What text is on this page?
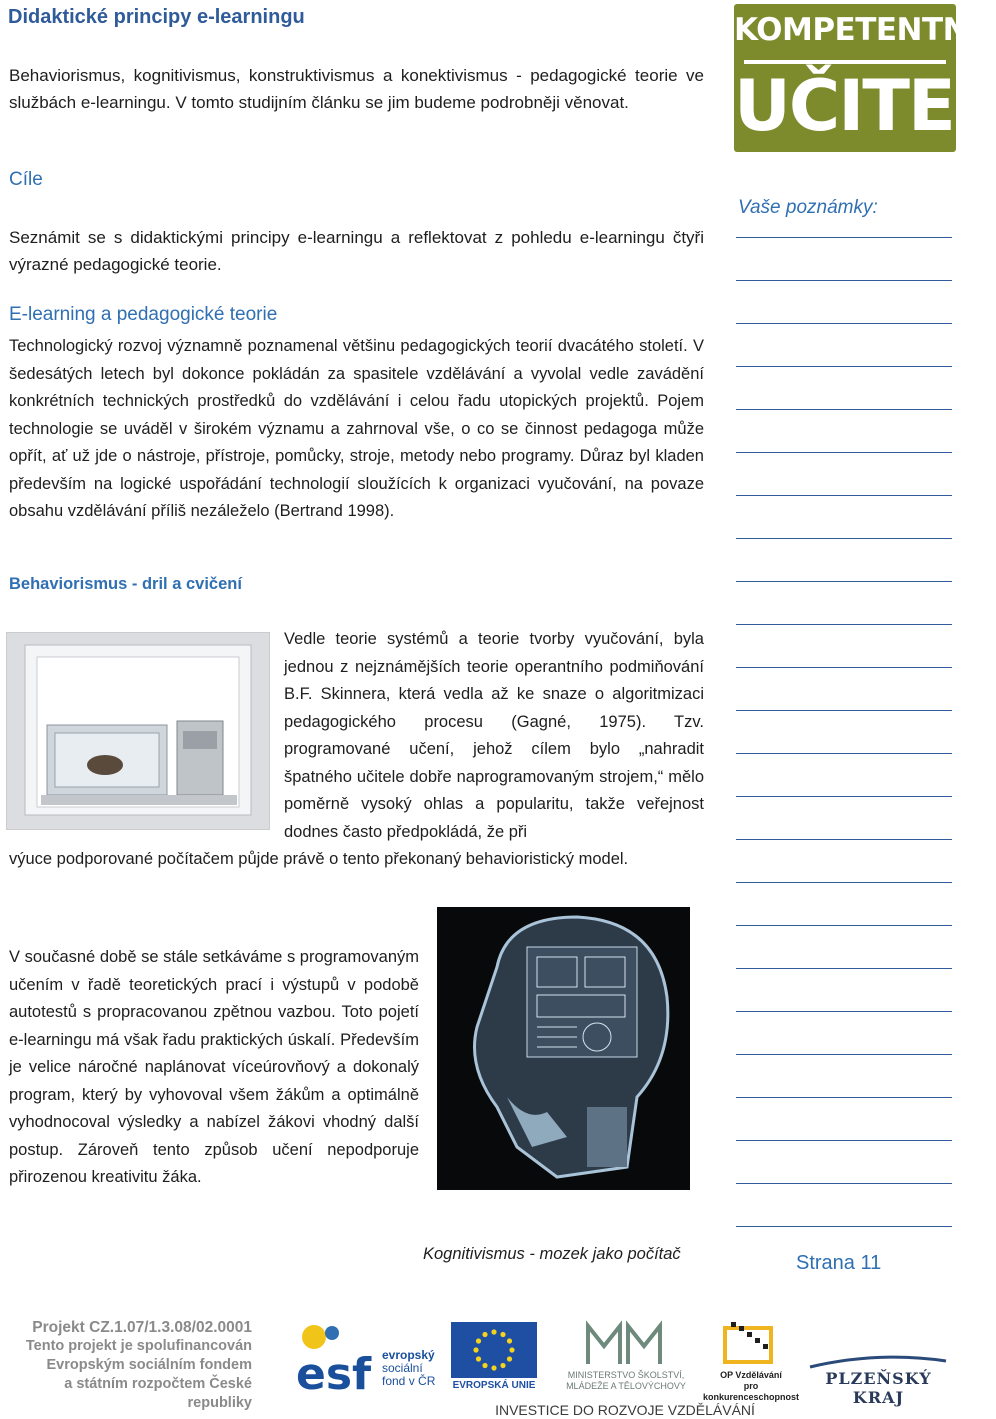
Didaktické principy e-learningu
Behaviorismus, kognitivismus, konstruktivismus a konektivismus - pedagogické teorie ve službách e-learningu. V tomto studijním článku se jim budeme podrobněji věnovat.
KOMPETENTNÍ
UČITEL
Vaše poznámky:
Cíle
Seznámit se s didaktickými principy e-learningu a reflektovat z pohledu e-learningu čtyři výrazné pedagogické teorie.
E-learning a pedagogické teorie
Technologický rozvoj významně poznamenal většinu pedagogických teorií dvacátého století. V šedesátých letech byl dokonce pokládán za spasitele vzdělávání a vyvolal vedle zavádění konkrétních technických prostředků do vzdělávání i celou řadu utopických projektů. Pojem technologie se uváděl v širokém významu a zahrnoval vše, o co se činnost pedagoga může opřít, ať už jde o nástroje, přístroje, pomůcky, stroje, metody nebo programy. Důraz byl kladen především na logické uspořádání technologií sloužících k organizaci vyučování, na povaze obsahu vzdělávání příliš nezáleželo (Bertrand 1998).
Behaviorismus - dril a cvičení
Vedle teorie systémů a teorie tvorby vyučování, byla jednou z nejznámějších teorie operantního podmiňování B.F. Skinnera, která vedla až ke snaze o algoritmizaci pedagogického procesu (Gagné, 1975). Tzv. programované učení, jehož cílem bylo „nahradit špatného učitele dobře naprogramovaným strojem,“ mělo poměrně vysoký ohlas a popularitu, takže veřejnost dodnes často předpokládá, že při
výuce podporované počítačem půjde právě o tento překonaný behavioristický model.
V současné době se stále setkáváme s programovaným učením v řadě teoretických prací i výstupů v podobě autotestů s propracovanou zpětnou vazbou. Toto pojetí e-learningu má však řadu praktických úskalí. Především je velice náročné naplánovat víceúrovňový a dokonalý program, který by vyhovoval všem žákům a optimálně vyhodnocoval výsledky a nabízel žákovi vhodný další postup. Zároveň tento způsob učení nepodporuje přirozenou kreativitu žáka.
Kognitivismus - mozek jako počítač	Strana 11
Projekt CZ.1.07/1.3.08/02.0001
Tento projekt je spolufinancován
Evropským sociálním fondem
a státním rozpočtem České republiky
esf evropský
sociální
fond v ČR EVROPSKÁ UNIE
MINISTERSTVO ŠKOLSTVÍ,
MLÁDEŽE A TĚLOVÝCHOVY
OP Vzdělávání
pro konkurenceschopnost
PLZEŇSKÝ KRAJ
INVESTICE DO ROZVOJE VZDĚLÁVÁNÍ
